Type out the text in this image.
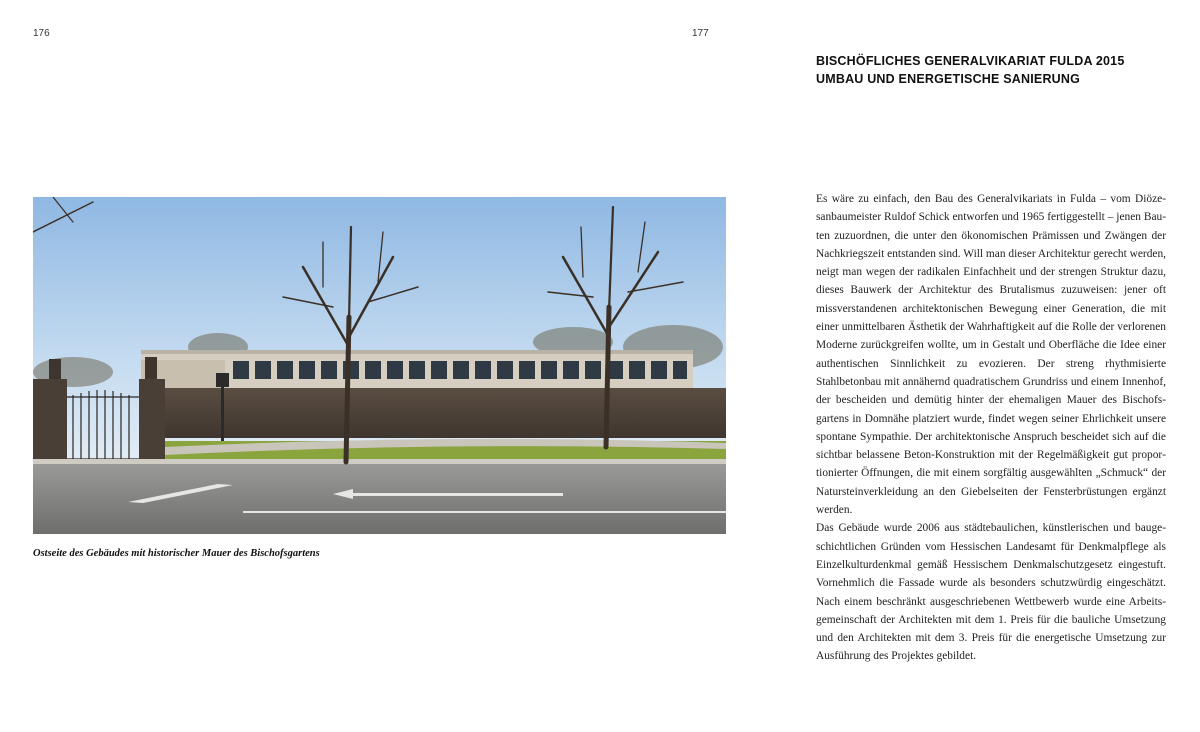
176	177
BISCHÖFLICHES GENERALVIKARIAT FULDA 2015
UMBAU UND ENERGETISCHE SANIERUNG
Ostseite des Gebäudes mit historischer Mauer des Bischofsgartens

Es wäre zu einfach, den Bau des Generalvikariats in Fulda – vom Diözesanbaumeister Ruldof Schick entworfen und 1965 fertiggestellt – jenen Bauten zuzuordnen, die unter den ökonomischen Prämissen und Zwängen der Nachkriegszeit entstanden sind. Will man dieser Architektur gerecht werden, neigt man wegen der radikalen Einfachheit und der strengen Struktur dazu, dieses Bauwerk der Architektur des Brutalismus zuzuweisen: jener oft missverstandenen architektonischen Bewegung einer Generation, die mit einer unmittelbaren Ästhetik der Wahrhaftigkeit auf die Rolle der verlorenen Moderne zurückgreifen wollte, um in Gestalt und Oberfläche die Idee einer authentischen Sinnlichkeit zu evozieren. Der streng rhythmisierte Stahlbetonbau mit annähernd quadratischem Grundriss und einem Innenhof, der bescheiden und demütig hinter der ehemaligen Mauer des Bischofsgartens in Domnähe platziert wurde, findet wegen seiner Ehrlichkeit unsere spontane Sympathie. Der architektonische Anspruch bescheidet sich auf die sichtbar belassene Beton-Konstruktion mit der Regelmäßigkeit gut proportionierter Öffnungen, die mit einem sorgfältig ausgewählten „Schmuck“ der Natursteinverkleidung an den Giebelseiten der Fensterbrüstungen ergänzt werden.

Das Gebäude wurde 2006 aus städtebaulichen, künstlerischen und baugeschichtlichen Gründen vom Hessischen Landesamt für Denkmalpflege als Einzelkulturdenkmal gemäß Hessischem Denkmalschutzgesetz eingestuft. Vornehmlich die Fassade wurde als besonders schutzwürdig eingeschätzt. Nach einem beschränkt ausgeschriebenen Wettbewerb wurde eine Arbeitsgemeinschaft der Architekten mit dem 1. Preis für die bauliche Umsetzung und den Architekten mit dem 3. Preis für die energetische Umsetzung zur Ausführung des Projektes gebildet.
